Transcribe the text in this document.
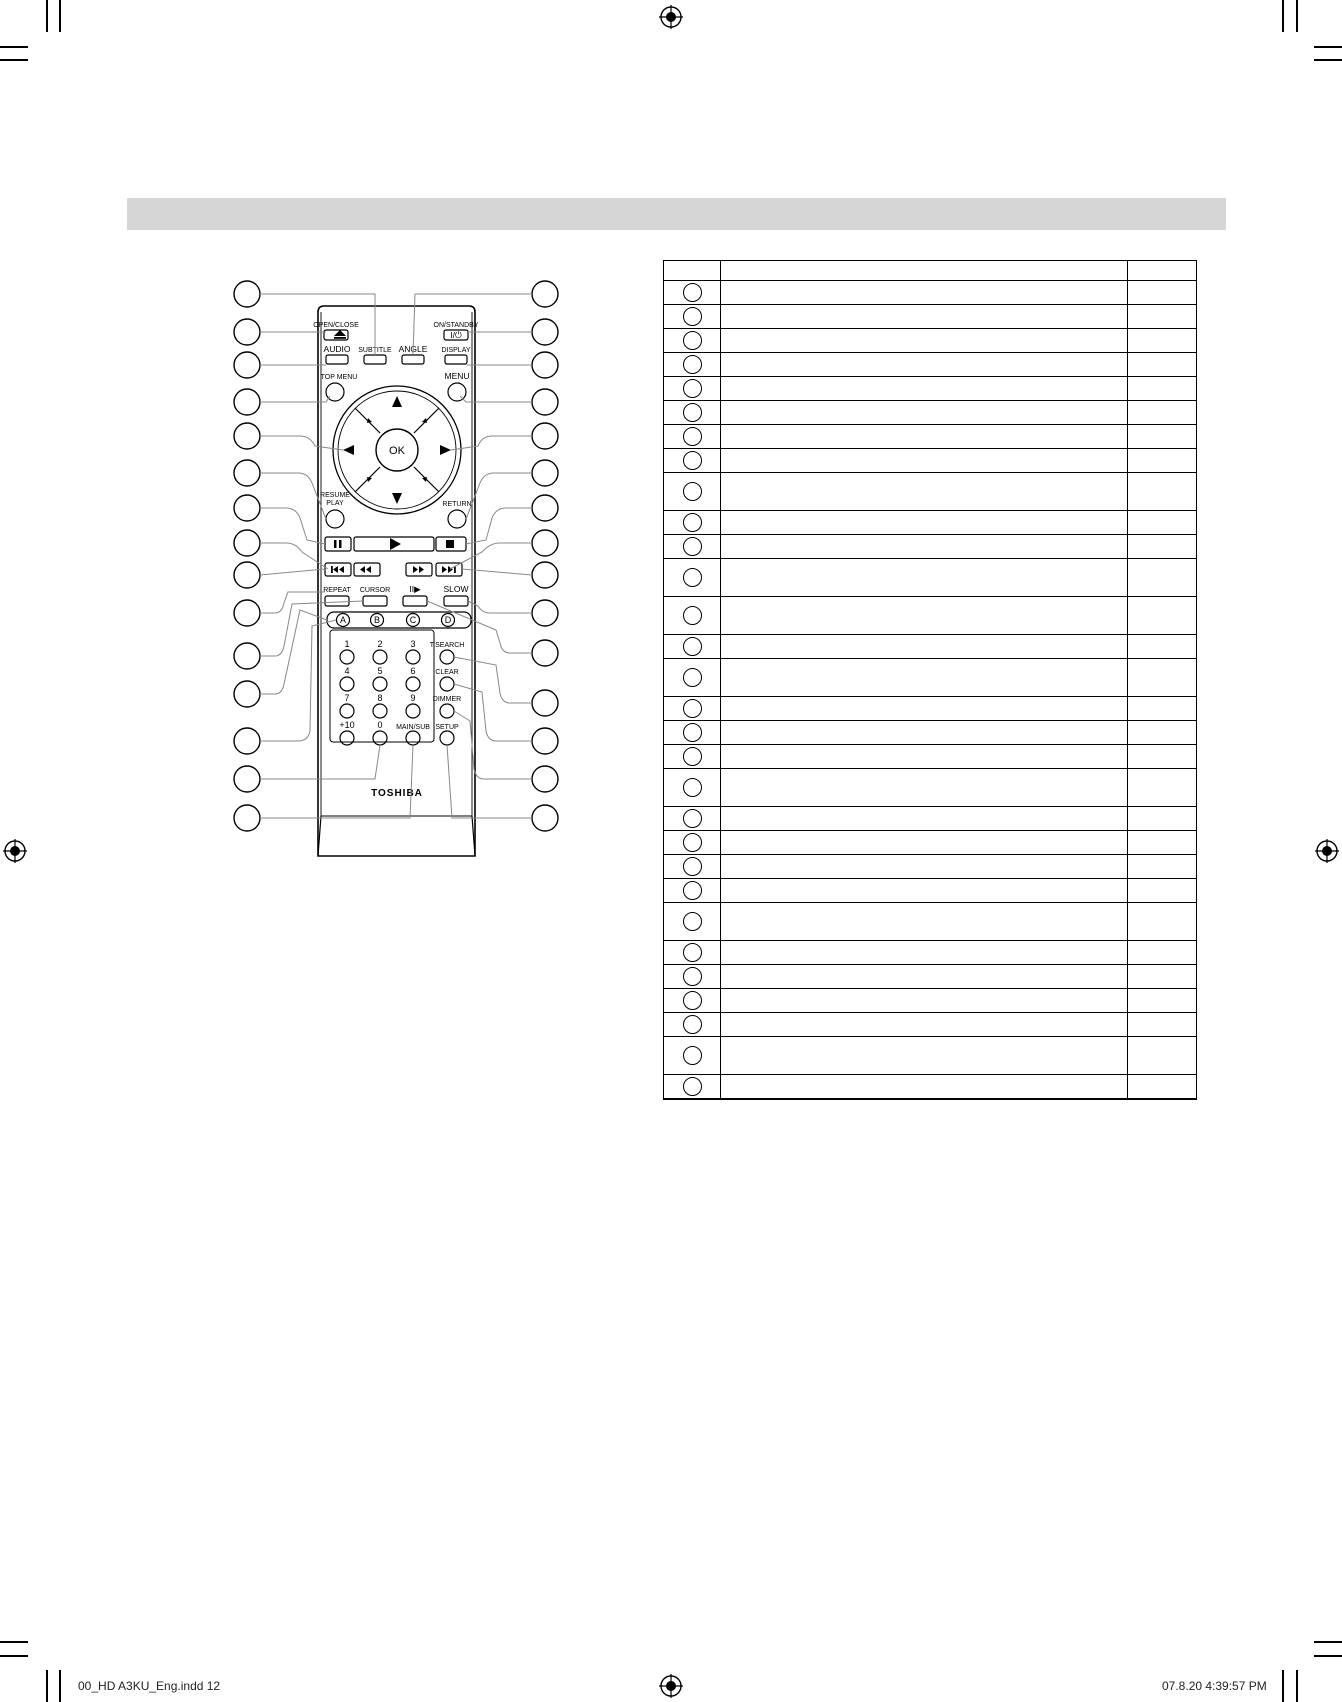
OPEN/CLOSE	ON/STANDBY
I/⏻
SUBTITLE ANGLE
AUDIO	DISPLAY
TOP MENU	MENU
OK
RESUME
PLAY	RETURN
REPEAT CURSOR II▶	SLOW
A	B	C	D
1	2	3
4	5	6
7	8	9
+10	0 MAIN/SUB
T.SEARCH
CLEAR
DIMMER
SETUP
TOSHIBA

00_HD A3KU_Eng.indd 12	07.8.20 4:39:57 PM
